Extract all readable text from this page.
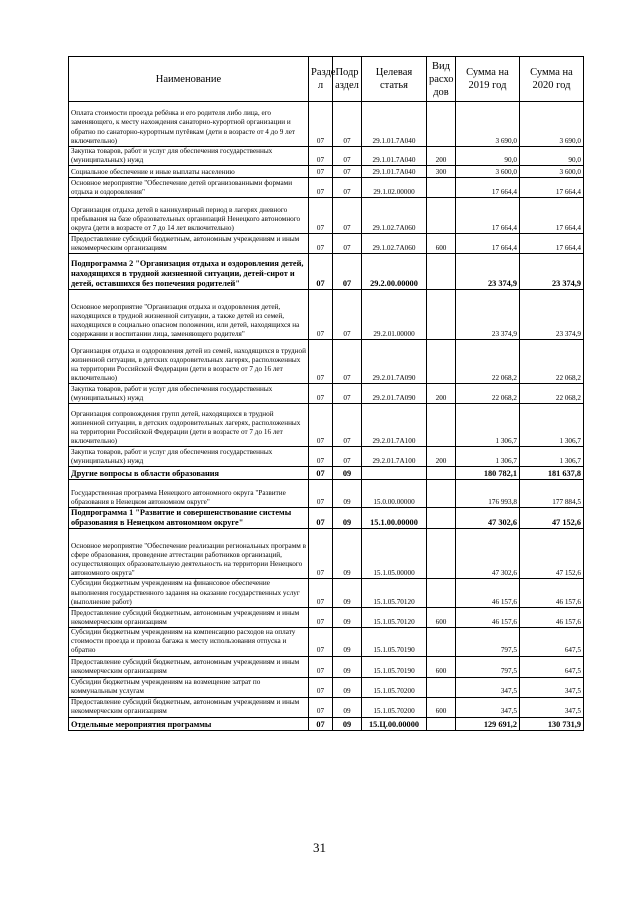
Наименование	Разде л	Подр аздел	Целевая статья	Вид расхо дов	Сумма на 2019 год	Сумма на 2020 год
Оплата стоимости проезда ребёнка и его родителя либо лица, его заменяющего, к месту нахождения санаторно-курортной организации и обратно по санаторно-курортным путёвкам (дети в возрасте от 4 до 9 лет включительно)	07	07	29.1.01.7А040		3 690,0	3 690,0
Закупка товаров, работ и услуг для обеспечения государственных (муниципальных) нужд	07	07	29.1.01.7А040	200	90,0	90,0
Социальное обеспечение и иные выплаты населению	07	07	29.1.01.7А040	300	3 600,0	3 600,0
Основное мероприятие "Обеспечение детей организованными формами отдыха и оздоровления"	07	07	29.1.02.00000		17 664,4	17 664,4
Организация отдыха детей в каникулярный период в лагерях дневного пребывания на базе образовательных организаций Ненецкого автономного округа (дети в возрасте от 7 до 14 лет включительно)	07	07	29.1.02.7А060		17 664,4	17 664,4
Предоставление субсидий бюджетным, автономным учреждениям и иным некоммерческим организациям	07	07	29.1.02.7А060	600	17 664,4	17 664,4
Подпрограмма 2 "Организация отдыха и оздоровления детей, находящихся в трудной жизненной ситуации, детей-сирот и детей, оставшихся без попечения родителей"	07	07	29.2.00.00000		23 374,9	23 374,9
Основное мероприятие "Организация отдыха и оздоровления детей, находящихся в трудной жизненной ситуации, а также детей из семей, находящихся в социально опасном положении, или детей, находящихся на содержании и воспитании лица, заменяющего родителя"	07	07	29.2.01.00000		23 374,9	23 374,9
Организация отдыха и оздоровления детей из семей, находящихся в трудной жизненной ситуации, в детских оздоровительных лагерях, расположенных на территории Российской Федерации (дети в возрасте от 7 до 16 лет включительно)	07	07	29.2.01.7А090		22 068,2	22 068,2
Закупка товаров, работ и услуг для обеспечения государственных (муниципальных) нужд	07	07	29.2.01.7А090	200	22 068,2	22 068,2
Организация сопровождения групп детей, находящихся в трудной жизненной ситуации, в детских оздоровительных лагерях, расположенных на территории Российской Федерации (дети в возрасте от 7 до 16 лет включительно)	07	07	29.2.01.7А100		1 306,7	1 306,7
Закупка товаров, работ и услуг для обеспечения государственных (муниципальных) нужд	07	07	29.2.01.7А100	200	1 306,7	1 306,7
Другие вопросы в области образования	07	09			180 782,1	181 637,8
Государственная программа Ненецкого автономного округа "Развитие образования в Ненецком автономном округе"	07	09	15.0.00.00000		176 993,8	177 884,5
Подпрограмма 1 "Развитие и совершенствование системы образования в Ненецком автономном округе"	07	09	15.1.00.00000		47 302,6	47 152,6
Основное мероприятие "Обеспечение реализации региональных программ в сфере образования, проведение аттестации работников организаций, осуществляющих образовательную деятельность на территории Ненецкого автономного округа"	07	09	15.1.05.00000		47 302,6	47 152,6
Субсидии бюджетным учреждениям на финансовое обеспечение выполнения государственного задания на оказание государственных услуг (выполнение работ)	07	09	15.1.05.70120		46 157,6	46 157,6
Предоставление субсидий бюджетным, автономным учреждениям и иным некоммерческим организациям	07	09	15.1.05.70120	600	46 157,6	46 157,6
Субсидии бюджетным учреждениям на компенсацию расходов на оплату стоимости проезда и провоза багажа к месту использования отпуска и обратно	07	09	15.1.05.70190		797,5	647,5
Предоставление субсидий бюджетным, автономным учреждениям и иным некоммерческим организациям	07	09	15.1.05.70190	600	797,5	647,5
Субсидии бюджетным учреждениям на возмещение затрат по коммунальным услугам	07	09	15.1.05.70200		347,5	347,5
Предоставление субсидий бюджетным, автономным учреждениям и иным некоммерческим организациям	07	09	15.1.05.70200	600	347,5	347,5
Отдельные мероприятия программы	07	09	15.Ц.00.00000		129 691,2	130 731,9
31
